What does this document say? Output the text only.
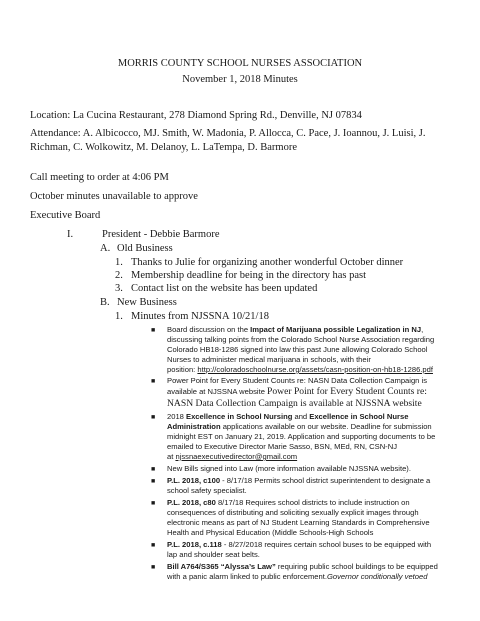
MORRIS COUNTY SCHOOL NURSES ASSOCIATION
November 1, 2018 Minutes
Location: La Cucina Restaurant, 278 Diamond Spring Rd., Denville, NJ 07834
Attendance: A. Albicocco, MJ. Smith, W. Madonia, P. Allocca, C. Pace, J. Ioannou, J. Luisi, J.
Richman, C. Wolkowitz, M. Delanoy, L. LaTempa, D. Barmore
Call meeting to order at 4:06 PM
October minutes unavailable to approve
Executive Board
I.	President - Debbie Barmore
A. Old Business
1. Thanks to Julie for organizing another wonderful October dinner
2. Membership deadline for being in the directory has past
3. Contact list on the website has been updated
B. New Business
1. Minutes from NJSSNA 10/21/18
■ Board discussion on the Impact of Marijuana possible Legalization in NJ,
discussing talking points from the Colorado School Nurse Association regarding
Colorado HB18-1286 signed into law this past June allowing Colorado School
Nurses to administer medical marijuana in schools, with their
position: http://coloradoschoolnurse.org/assets/casn-position-on-hb18-1286.pdf
■ Power Point for Every Student Counts re: NASN Data Collection Campaign is
available at NJSSNA website Power Point for Every Student Counts re:
NASN Data Collection Campaign is available at NJSSNA website
■ 2018 Excellence in School Nursing and Excellence in School Nurse
Administration applications available on our website. Deadline for submission
midnight EST on January 21, 2019. Application and supporting documents to be
emailed to Executive Director Marie Sasso, BSN, MEd, RN, CSN-NJ
at njssnaexecutivedirector@gmail.com
■ New Bills signed into Law (more information available NJSSNA website).
■ P.L. 2018, c100 - 8/17/18 Permits school district superintendent to designate a
school safety specialist.
■ P.L. 2018, c80 8/17/18 Requires school districts to include instruction on
consequences of distributing and soliciting sexually explicit images through
electronic means as part of NJ Student Learning Standards in Comprehensive
Health and Physical Education (Middle Schools-High Schools
■ P.L. 2018, c.118 - 8/27/2018 requires certain school buses to be equipped with
lap and shoulder seat belts.
■ Bill A764/S365 “Alyssa’s Law” requiring public school buildings to be equipped
with a panic alarm linked to public enforcement.Governor conditionally vetoed
